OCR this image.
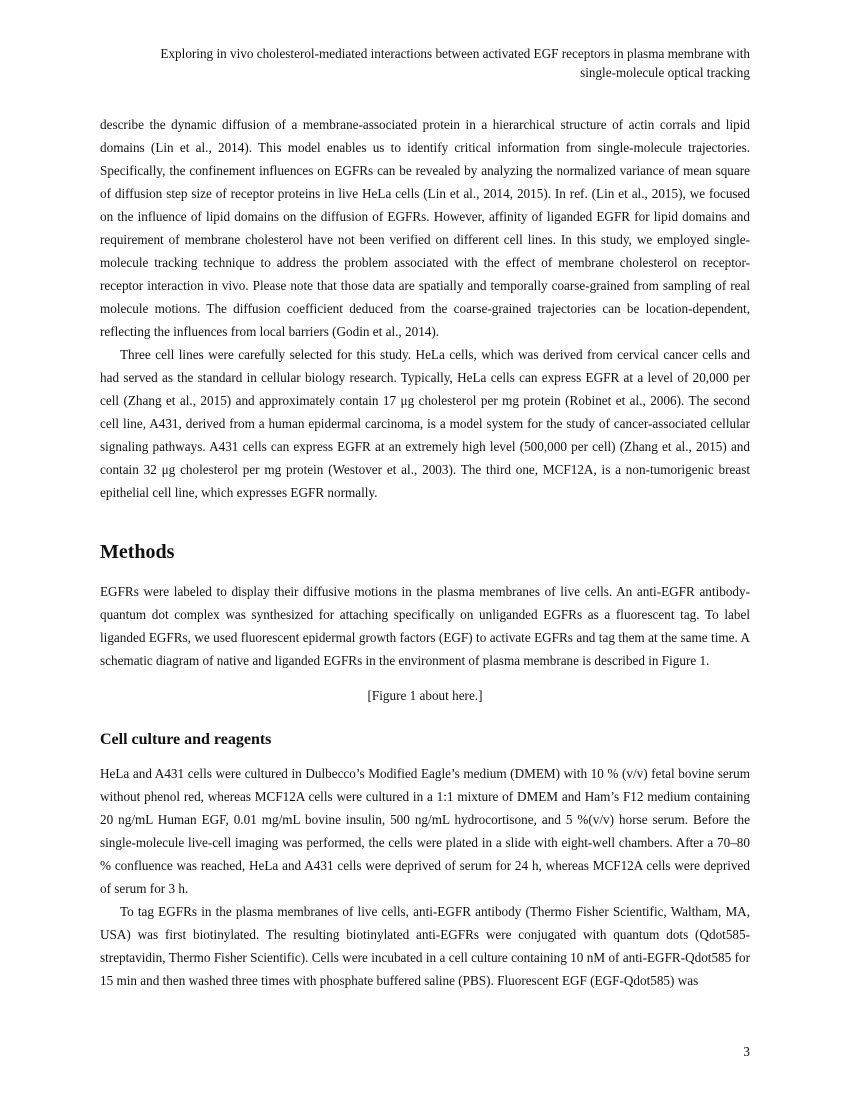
Exploring in vivo cholesterol-mediated interactions between activated EGF receptors in plasma membrane with
single-molecule optical tracking

describe the dynamic diffusion of a membrane-associated protein in a hierarchical structure of actin corrals and lipid domains (Lin et al., 2014). This model enables us to identify critical information from single-molecule trajectories. Specifically, the confinement influences on EGFRs can be revealed by analyzing the normalized variance of mean square of diffusion step size of receptor proteins in live HeLa cells (Lin et al., 2014, 2015). In ref. (Lin et al., 2015), we focused on the influence of lipid domains on the diffusion of EGFRs. However, affinity of liganded EGFR for lipid domains and requirement of membrane cholesterol have not been verified on different cell lines. In this study, we employed single-molecule tracking technique to address the problem associated with the effect of membrane cholesterol on receptor-receptor interaction in vivo. Please note that those data are spatially and temporally coarse-grained from sampling of real molecule motions. The diffusion coefficient deduced from the coarse-grained trajectories can be location-dependent, reflecting the influences from local barriers (Godin et al., 2014).

Three cell lines were carefully selected for this study. HeLa cells, which was derived from cervical cancer cells and had served as the standard in cellular biology research. Typically, HeLa cells can express EGFR at a level of 20,000 per cell (Zhang et al., 2015) and approximately contain 17 μg cholesterol per mg protein (Robinet et al., 2006). The second cell line, A431, derived from a human epidermal carcinoma, is a model system for the study of cancer-associated cellular signaling pathways. A431 cells can express EGFR at an extremely high level (500,000 per cell) (Zhang et al., 2015) and contain 32 μg cholesterol per mg protein (Westover et al., 2003). The third one, MCF12A, is a non-tumorigenic breast epithelial cell line, which expresses EGFR normally.

Methods

EGFRs were labeled to display their diffusive motions in the plasma membranes of live cells. An anti-EGFR antibody-quantum dot complex was synthesized for attaching specifically on unliganded EGFRs as a fluorescent tag. To label liganded EGFRs, we used fluorescent epidermal growth factors (EGF) to activate EGFRs and tag them at the same time. A schematic diagram of native and liganded EGFRs in the environment of plasma membrane is described in Figure 1.

[Figure 1 about here.]
Cell culture and reagents

HeLa and A431 cells were cultured in Dulbecco’s Modified Eagle’s medium (DMEM) with 10 % (v/v) fetal bovine serum without phenol red, whereas MCF12A cells were cultured in a 1:1 mixture of DMEM and Ham’s F12 medium containing 20 ng/mL Human EGF, 0.01 mg/mL bovine insulin, 500 ng/mL hydrocortisone, and 5 %(v/v) horse serum. Before the single-molecule live-cell imaging was performed, the cells were plated in a slide with eight-well chambers. After a 70–80 % confluence was reached, HeLa and A431 cells were deprived of serum for 24 h, whereas MCF12A cells were deprived of serum for 3 h.

To tag EGFRs in the plasma membranes of live cells, anti-EGFR antibody (Thermo Fisher Scientific, Waltham, MA, USA) was first biotinylated. The resulting biotinylated anti-EGFRs were conjugated with quantum dots (Qdot585-streptavidin, Thermo Fisher Scientific). Cells were incubated in a cell culture containing 10 nM of anti-EGFR-Qdot585 for 15 min and then washed three times with phosphate buffered saline (PBS). Fluorescent EGF (EGF-Qdot585) was

3
